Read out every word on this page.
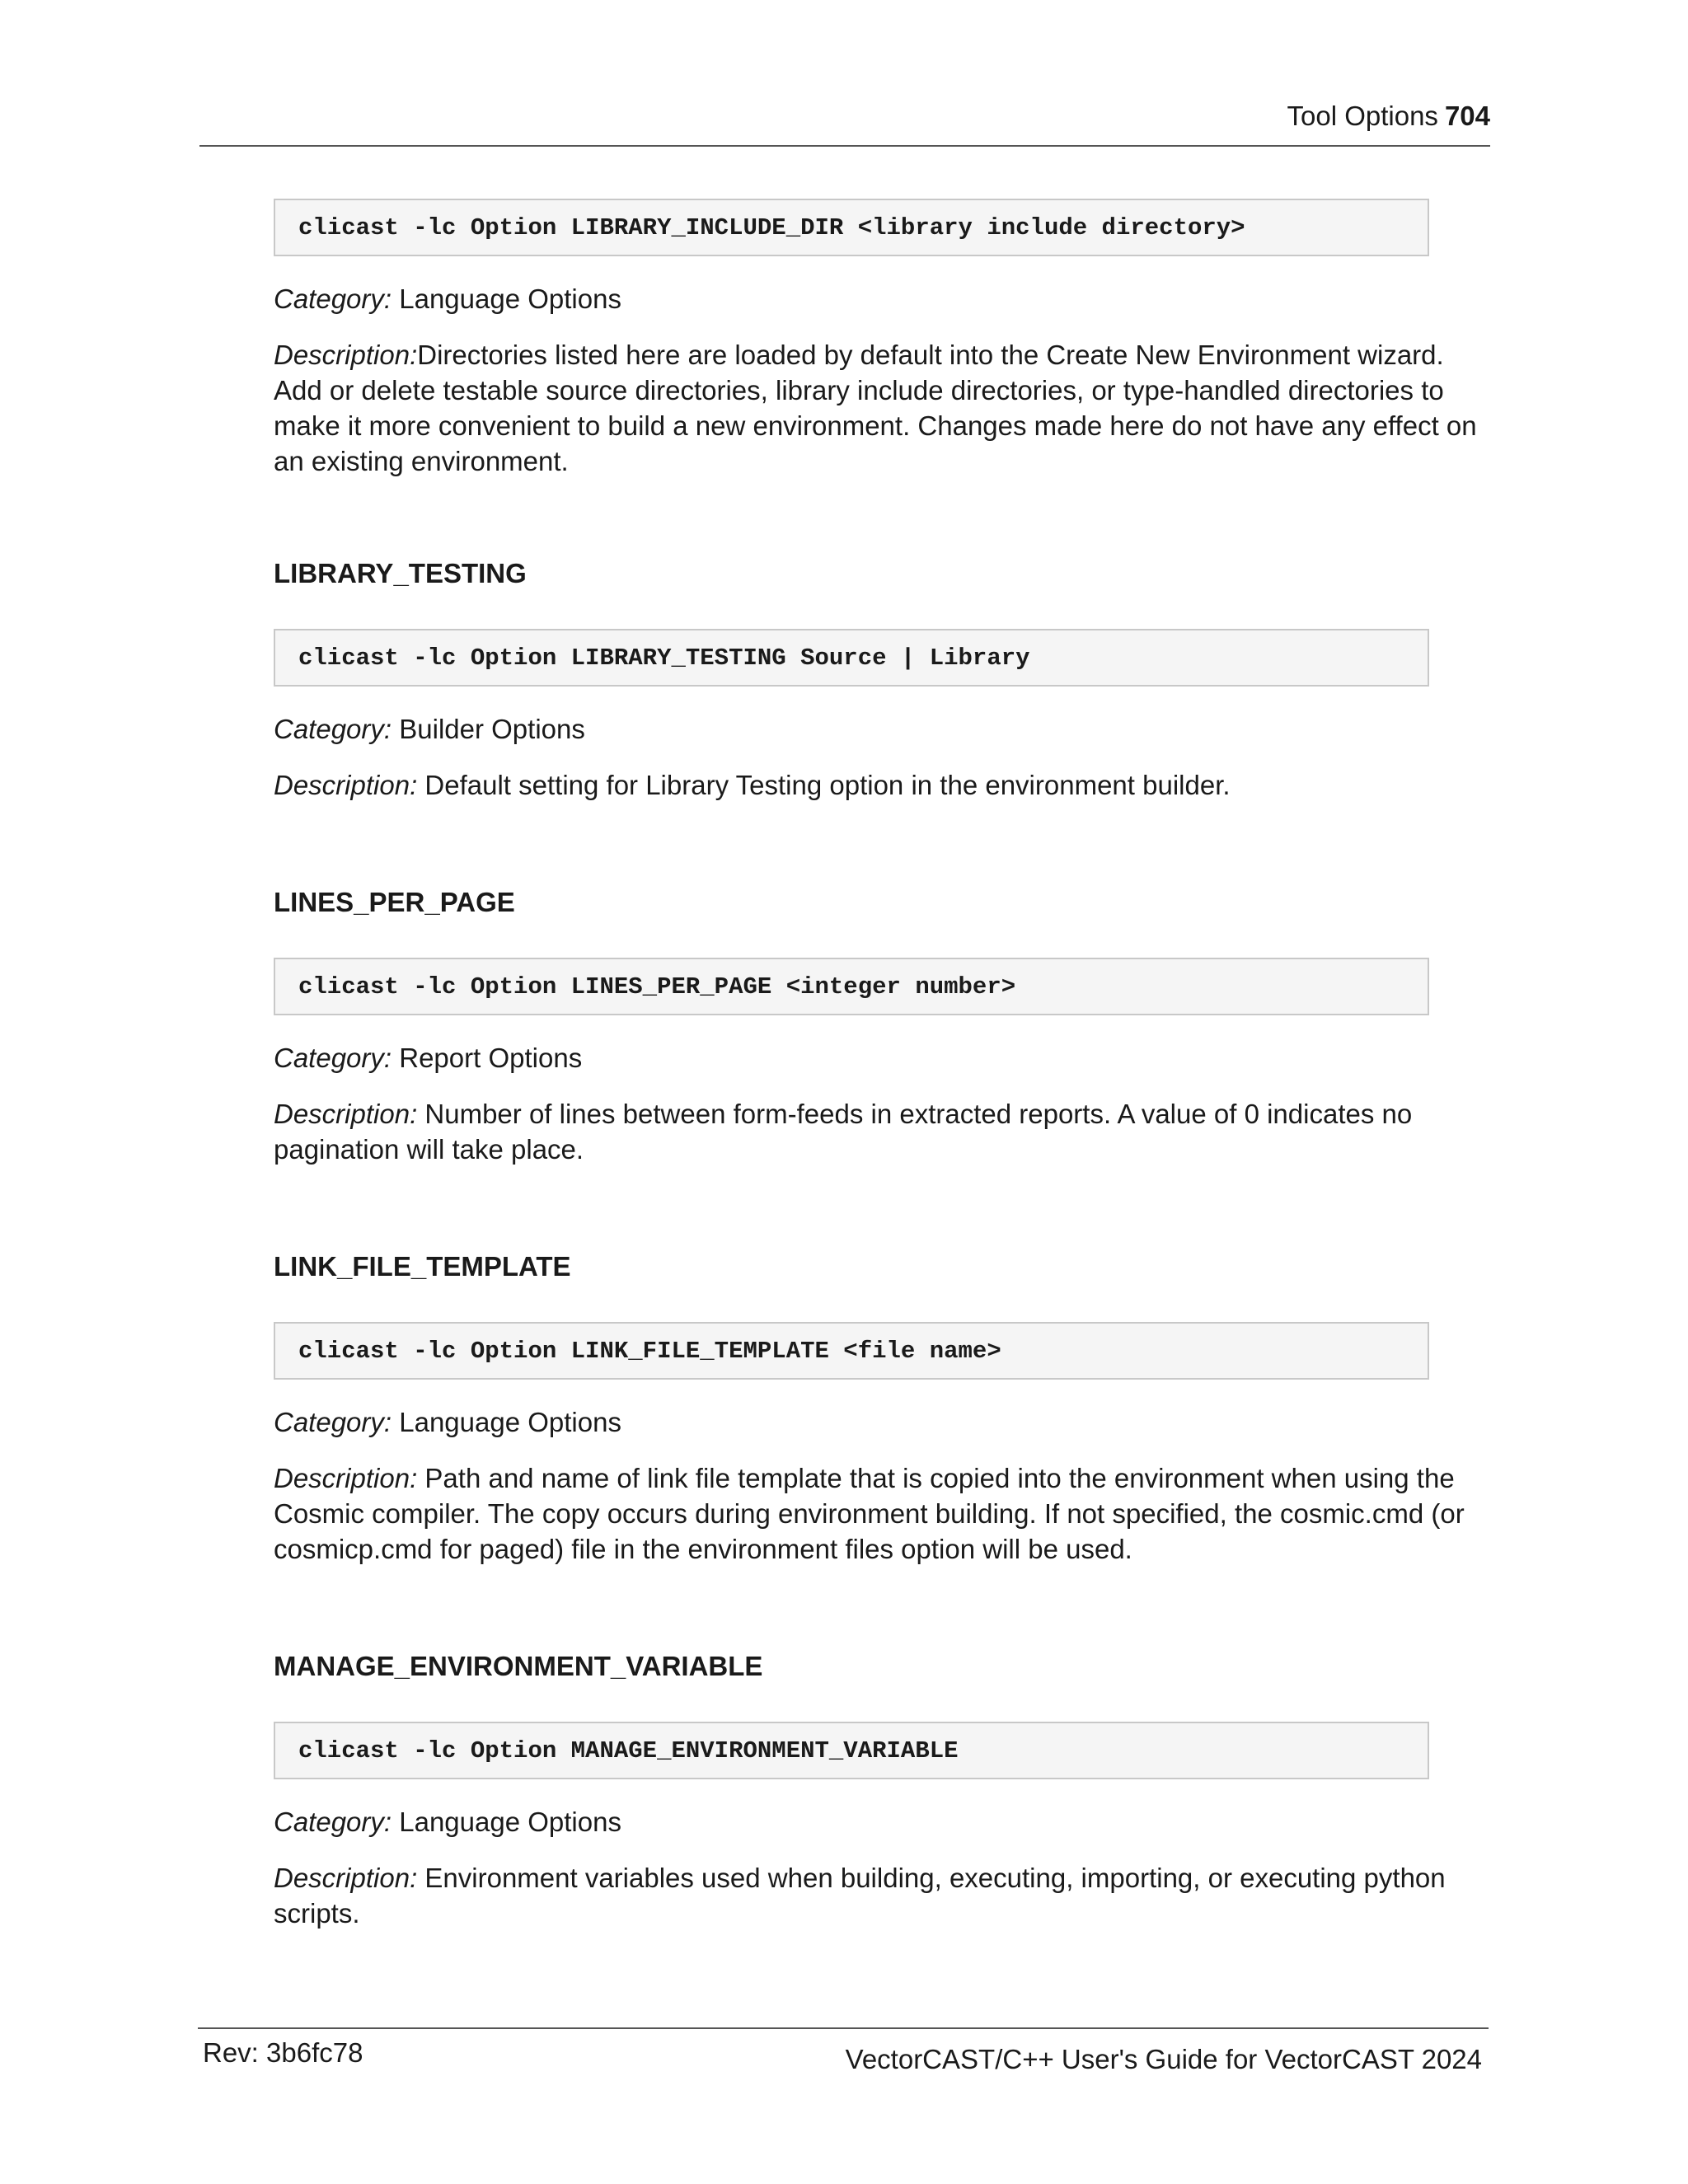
Tool Options 704
clicast -lc Option LIBRARY_INCLUDE_DIR <library include directory>

Category: Language Options

Description:Directories listed here are loaded by default into the Create New Environment wizard. Add or delete testable source directories, library include directories, or type-handled directories to make it more convenient to build a new environment. Changes made here do not have any effect on an existing environment.

LIBRARY_TESTING
clicast -lc Option LIBRARY_TESTING Source | Library

Category: Builder Options

Description: Default setting for Library Testing option in the environment builder.

LINES_PER_PAGE
clicast -lc Option LINES_PER_PAGE <integer number>

Category: Report Options

Description: Number of lines between form-feeds in extracted reports. A value of 0 indicates no pagination will take place.

LINK_FILE_TEMPLATE
clicast -lc Option LINK_FILE_TEMPLATE <file name>

Category: Language Options

Description: Path and name of link file template that is copied into the environment when using the Cosmic compiler. The copy occurs during environment building. If not specified, the cosmic.cmd (or cosmicp.cmd for paged) file in the environment files option will be used.

MANAGE_ENVIRONMENT_VARIABLE
clicast -lc Option MANAGE_ENVIRONMENT_VARIABLE

Category: Language Options

Description: Environment variables used when building, executing, importing, or executing python scripts.

Rev: 3b6fc78	VectorCAST/C++ User's Guide for VectorCAST 2024
